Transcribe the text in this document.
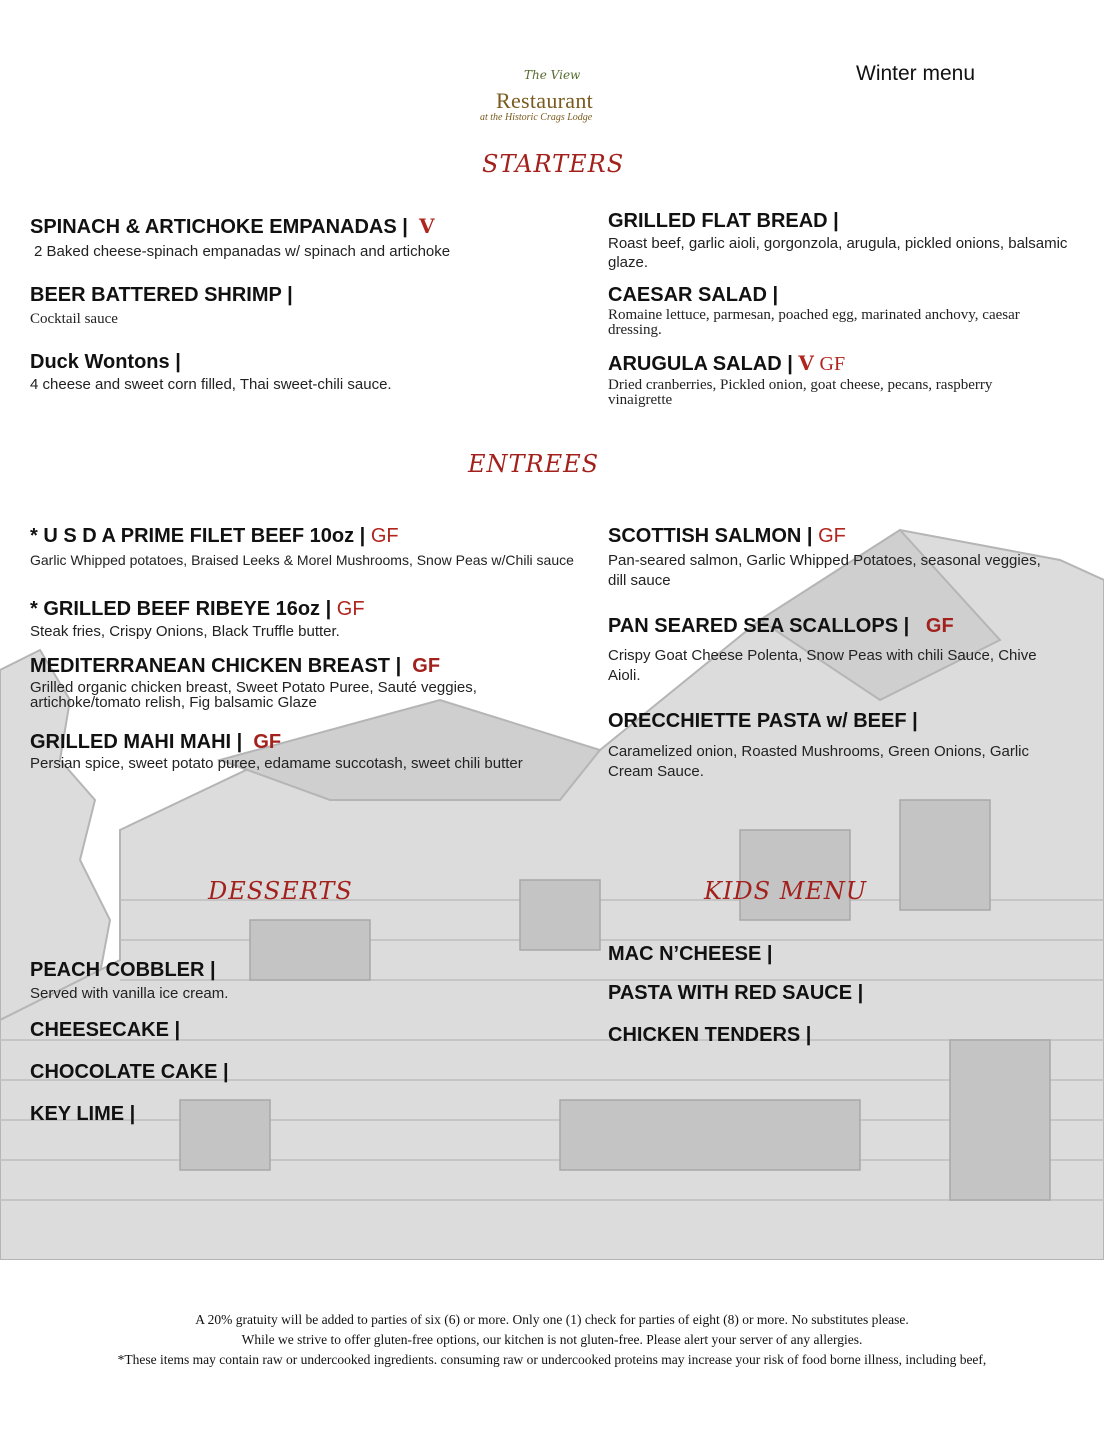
The View
Restaurant
at the Historic Crags Lodge
Winter menu
STARTERS
SPINACH & ARTICHOKE EMPANADAS |  V
2 Baked cheese-spinach empanadas w/ spinach and artichoke
BEER BATTERED SHRIMP |
Cocktail sauce
Duck Wontons |
4 cheese and sweet corn filled, Thai sweet-chili sauce.
GRILLED FLAT BREAD |
Roast beef, garlic aioli, gorgonzola, arugula, pickled onions, balsamic glaze.
CAESAR SALAD |
Romaine lettuce, parmesan, poached egg, marinated anchovy, caesar dressing.
ARUGULA SALAD | V GF
Dried cranberries, Pickled onion, goat cheese, pecans, raspberry vinaigrette
ENTREES
* U S D A PRIME FILET BEEF 10oz | GF
Garlic Whipped potatoes, Braised Leeks & Morel Mushrooms, Snow Peas w/Chili sauce
* GRILLED BEEF RIBEYE 16oz | GF
Steak fries, Crispy Onions, Black Truffle butter.
MEDITERRANEAN CHICKEN BREAST |  GF
Grilled organic chicken breast, Sweet Potato Puree, Sauté veggies, artichoke/tomato relish, Fig balsamic Glaze
GRILLED MAHI MAHI |  GF
Persian spice, sweet potato puree, edamame succotash, sweet chili butter
SCOTTISH SALMON | GF
Pan-seared salmon, Garlic Whipped Potatoes, seasonal veggies, dill sauce
PAN SEARED SEA SCALLOPS |   GF
Crispy Goat Cheese Polenta, Snow Peas with chili Sauce, Chive Aioli.
ORECCHIETTE PASTA w/ BEEF |
Caramelized onion, Roasted Mushrooms, Green Onions, Garlic Cream Sauce.
DESSERTS
PEACH COBBLER |
Served with vanilla ice cream.
CHEESECAKE |
CHOCOLATE CAKE |
KEY LIME |
KIDS MENU
MAC N’CHEESE |
PASTA WITH RED SAUCE |
CHICKEN TENDERS |
A 20% gratuity will be added to parties of six (6) or more. Only one (1) check for parties of eight (8) or more. No substitutes please.
While we strive to offer gluten-free options, our kitchen is not gluten-free. Please alert your server of any allergies.
*These items may contain raw or undercooked ingredients. consuming raw or undercooked proteins may increase your risk of food borne illness, including beef,
